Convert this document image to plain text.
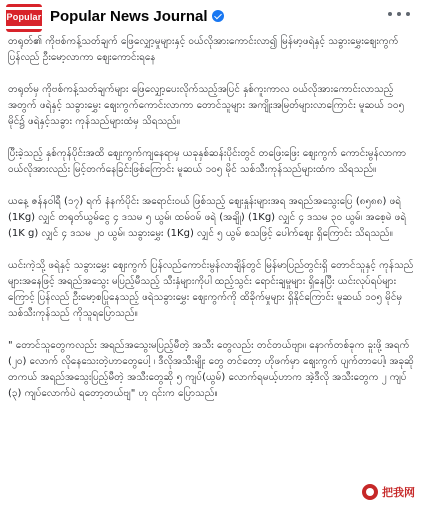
Popular Popular News Journal

တရုတ်၏ ကိုဗစ်ကန့်သတ်ချက် ဖြေလျှော့မှုများနှင့် ဝယ်လိုအားကောင်းလာ၍ မြန်မာ့ဖရဲနှင့် သခွားမွှေးဈေးကွက် ပြန်လည် ဦးမော့လာကာ ဈေးကောင်းရနေ

တရုတ်မှ ကိုဗစ်ကန့်သတ်ချက်များ ဖြေလျှော့ပေးလိုက်သည့်အပြင် နှစ်ကူးကာလ ဝယ်လိုအားကောင်းလာသည့် အတွက် ဖရဲနှင့် သခွားမွှေး ဈေးကွက်ကောင်းလာကာ တောင်သူများ အကျိုးအမြတ်များလာကြောင်း မူဆယ် ၁၀၅ မိုင်၌ ဖရဲနှင့်သခွား ကုန်သည်များထံမှ သိရသည်။

ပြီးခဲ့သည့် နှစ်ကုန်ပိုင်းအထိ ဈေးကွက်ကျနေရာမှ ယခုနှစ်ဆန်းပိုင်းတွင် တဖြေးဖြေး ဈေးကွက် ကောင်းမွန်လာကာ ဝယ်လိုအားလည်း မြင့်တက်နေခြင်းဖြစ်ကြောင်း မူဆယ် ၁၀၅ မိုင် သစ်သီးကုန်သည်များထံက သိရသည်။

ယနေ့ ဇန်နဝါရီ (၁၇) ရက် နံနက်ပိုင်း အရောင်းဝယ် ဖြစ်သည့် ဈေးနှုန်းများအရ အရည်အသွေးပြေ (၈၅၈၈) ဖရဲ (1Kg) လျှင် တရုတ်ယွမ်ငွေ ၄ ဒသမ ၅ ယွမ်၊ ထမ်ဝမ် ဖရဲ (အချို) (1Kg) လျှင် ၄ ဒသမ ၃၀ ယွမ်၊ အစေ့မဲ ဖရဲ (1K g) လျှင် ၄ ဒသမ ၂၀ ယွမ်၊ သခွားမွှေး (1Kg) လျှင် ၅ ယွမ် စသဖြင့် ပေါက်ဈေး ရှိကြောင်း သိရသည်။

ယင်းကဲ့သို့ ဖရဲနှင့် သခွားမွှေး ဈေးကွက် ပြန်လည်ကောင်းမွန်လာချိန်တွင် မြန်မာပြည်တွင်းရှိ တောင်သူနှင့် ကုန်သည်များအနေဖြင့် အရည်အသွေး မပြည့်မီသည့် သီးနှံများကိုပါ ထည့်သွင်း ရောင်းချမှုများ ရှိနေပြီး ယင်းလုပ်ရပ်များကြောင့် ပြန်လည် ဦးမော့စပြုနေသည့် ဖရဲသခွားမွှေး ဈေးကွက်ကို ထိခိုက်မှုများ ရှိနိုင်ကြောင်း မူဆယ် ၁၀၅ မိုင်မှ သစ်သီးကုန်သည် ကိုသူရပြောသည်။

" တောင်သူတွေကလည်း အရည်အသွေးမပြည့်မီတဲ့ အသီး တွေလည်း တင်တယ်ဗျာ။ နောက်တစ်ခုက ခူးဖို့ အရက် (၂၀) လောက် လိုနေသေးတဲ့ဟာတွေပေါ့ ၊ ဒီလိုအသီးမျိုး တွေ တင်တော့ ဟိုဖက်မှာ ဈေးကွက် ပျက်တာပေါ့၊ အခုဆိုတကယ် အရည်အသွေးပြည့်မီတဲ့ အသီးတွေဆို ၅ ကျပ်(ယွမ်) လောက်ရမယ့်ဟာက အဲ့ဒီလို အသီးတွေက ၂ ကျပ် (၃) ကျပ်လောက်ပဲ ရတော့တယ်ဗျ" ဟု ၎င်းက ပြောသည်။

把我网
